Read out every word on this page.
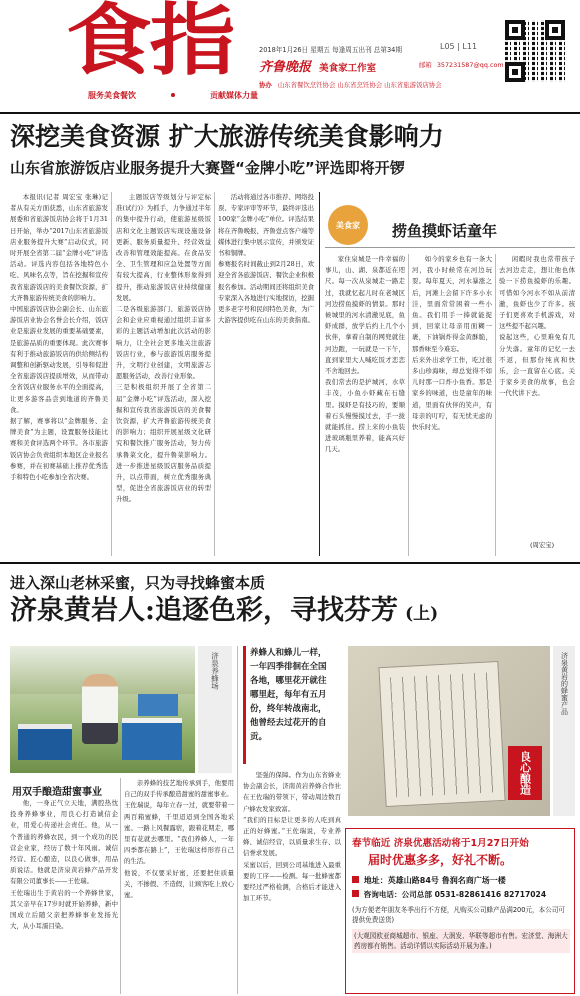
食指
服务美食餐饮	贡献媒体力量
2018年1月26日 星期五 每逢周五出刊 总第34期	L05 | L11
齐鲁晚报 美食家工作室	邮箱 357231587@qq.com
协办 山东省餐饮烹饪协会 山东省烹饪协会 山东省旅游饭店协会
深挖美食资源 扩大旅游传统美食影响力
山东省旅游饭店业服务提升大赛暨“金牌小吃”评选即将开锣

本报讯(记者 周宏宝 张琳)记者从有关方面获悉，山东省旅游发展委和省旅游饭店协会将于1月31日开始，举办“2017山东省旅游饭店业服务提升大赛”启动仪式，同时开展全省第二届“金牌小吃”评选活动。评选内容包括各地特色小吃、风味名点等，旨在挖掘和宣传我省旅游饭店的美食餐饮资源，扩大齐鲁旅游传统美食的影响力。
中国旅游饭店协会副会长、山东旅游饭店业协会名誉会长介绍，饭店业是旅游业发展的重要基础要素，是旅游品质的重要体现。此次赛事有利于推动旅游饭店的供给侧结构调整和创新驱动发展，引导和促进全省旅游饭店提质增效，从而带动全省饭店业服务水平的全面提高，让更多游客品尝到地道的齐鲁美食。
据了解，赛事将以“金牌服务、金牌美食”为主题，设置服务技能比赛和美食评选两个环节。各市旅游饭店协会负责组织本地区企业报名参赛，并在初赛基础上推荐优秀选手和特色小吃参加全省决赛。

主题饭店等级划分与评定标准(试行)》为抓手，力争通过半年的集中提升行动，使旅游星级饭店和文化主题饭店实现设施设备更新、服务质量提升、经营效益改善和管理效能提高。在食品安全、卫生管理和应急处置等方面有较大提高，行业整体形象得到提升，推动旅游饭店业持续健康发展。
二是各级旅游部门、旅游饭店协会和企业应重视通过组织丰富多彩的主题活动增加此次活动的影响力，让全社会更多地关注旅游饭店行业，参与旅游饭店服务提升，文明行业创建，文明旅游志愿服务活动，改善行业形象。
三是积极组织开展了全省第二届“金牌小吃”评选活动，深入挖掘和宣传我省旅游饭店的美食餐饮资源，扩大齐鲁旅游传统美食的影响力；组织开展星级文化研究和餐饮推广服务活动，努力传承鲁菜文化，提升鲁菜影响力。进一步推进星级饭店服务品质提升，以点带面，树立优秀服务典型，促进全省旅游饭店业的转型升级。

活动将通过各市推荐、网络投票、专家评审等环节，最终评选出100家“金牌小吃”单位。评选结果将在齐鲁晚报、齐鲁壹点客户端等媒体进行集中展示宣传，并颁发证书和铜牌。
参赛报名时间截止到2月28日，欢迎全省各旅游饭店、餐饮企业积极报名参加。活动期间还将组织美食专家深入各地进行实地探访，挖掘更多老字号和民间特色美食，为广大游客提供吃在山东的美食指南。

美食家 捞鱼摸虾话童年

家住泉城是一件幸福的事儿，山、湖、泉都近在咫尺。每一次从泉城走一路走过，我就忆起儿时在老城区河边捞鱼摸虾的情景。那时候城里的河水清澈见底，鱼虾成群，放学后约上几个小伙伴，拿着自制的网兜就往河边跑，一玩就是一下午，直到家里大人喊吃饭才恋恋不舍地回去。
我们常去的是护城河，水草丰茂，小鱼小虾藏在石缝里。摸虾是有技巧的，要顺着石头慢慢摸过去，手一拢就能抓住。捞上来的小鱼装进玻璃瓶里养着，能高兴好几天。

如今的家乡也有一条大河，我小时候常在河边玩耍。每年夏天，河水暴涨之后，河滩上会留下许多小水洼，里面常常困着一些小鱼。我们用手一捧就能捉到，回家让母亲用面糊一裹，下油锅炸得金黄酥脆，那香味至今难忘。
后来外出求学工作，吃过很多山珍海味，却总觉得不如儿时那一口炸小鱼香。那是家乡的味道，也是童年的味道，里面有伙伴的笑声，有母亲的叮咛，有无忧无虑的快乐时光。

闲暇时我也常带孩子去河边走走，想让他也体验一下捞鱼摸虾的乐趣。可惜如今河水不如从前清澈，鱼虾也少了许多。孩子们更喜欢手机游戏，对这些提不起兴趣。
说起这些，心里难免有几分失落。童年的记忆一去不返，但那份纯真和快乐，会一直留在心底。关于家乡美食的故事，也会一代代讲下去。

(周宏宝)
进入深山老林采蜜，只为寻找蜂蜜本质
济泉黄岩人:追逐色彩，寻找芬芳 (上)
济泉养蜂场
用双手酿造甜蜜事业

他，一身正气立天地，满腔热忱投身养蜂事业，用良心打造诚信企业，用爱心传递社会责任。他，从一个普通的养蜂农民，到一个成功的民营企业家，经历了数十年风雨。诚信经营、匠心酿造，以良心做事，用品质说话。他就是济泉黄岩蜂产品开发有限公司董事长——王佐瑞。
王佐瑞出生于黄岩的一个养蜂世家，其父亲早在17岁时就开始养蜂，新中国成立后随父亲把养蜂事业发扬光大，从小耳濡目染。

亲养蜂的技艺地传承到手，他要用自己的双手传承酿造甜蜜的甜蜜事业。
王佐瑞说，每年立春一过，就要带着一两百箱蜜蜂，千里迢迢到全国各地采蜜。一路上风餐露宿，跟着花期走，哪里有花就去哪里。“我们养蜂人，一年四季都在路上”，王佐瑞这样形容自己的生活。
他说，不仅要采好蜜，还要把住质量关，不掺假、不造假，让顾客吃上放心蜜。

养蜂人和蜂儿一样，一年四季徘徊在全国各地，哪里花开就往哪里赶，每年有五月份，终年转战南北，他曾经去过花开的自贡。

坚强的保障。作为山东省蜂业协会副会长，济南黄岩养蜂合作社在王佐瑞的带领下，带动周边数百户蜂农发家致富。
“我们的目标是让更多的人吃到真正的好蜂蜜。”王佐瑞说，专业养蜂、诚信经营，以质量求生存、以信誉求发展。
采蜜以后，回到公司基地进入最重要的工序——检测。每一批蜂蜜都要经过严格检测，合格后才能进入加工环节。

良心酿造
济泉黄岩的蜂蜜产品
春节临近 济泉优惠活动将于1月27日开始
届时优惠多多，好礼不断。
地址：英雄山路84号 鲁润名商广场一楼
咨询电话：公司总部 0531-82861416 82717024
(为方便老年朋友冬季出行不方便，凡购买公司蜂产品满200元，本公司可提供免费送货)
(大观园欧亚商城超市、银座、大润发、华联等超市有售。宏济堂、海洲大药房都有销售。活动详情以实际活动开展为准。)
